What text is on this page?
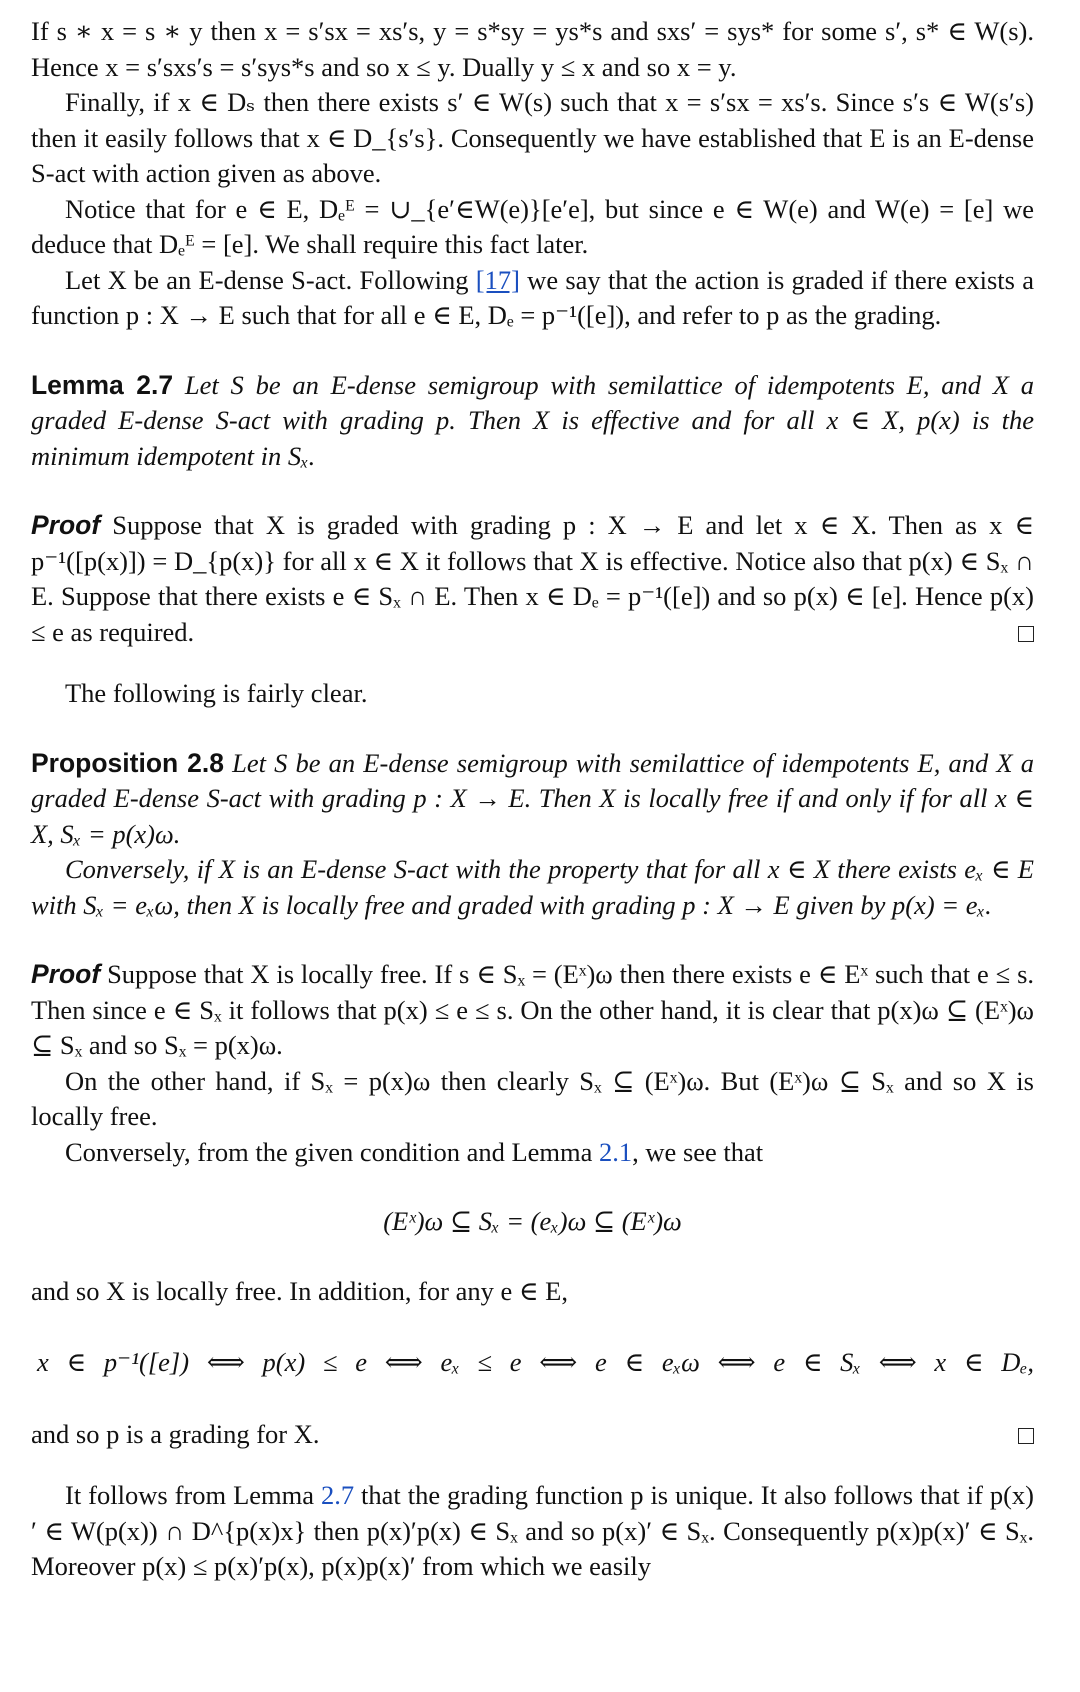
If s ∗ x = s ∗ y then x = s′sx = xs′s, y = s*sy = ys*s and sxs′ = sys* for some s′, s* ∈ W(s). Hence x = s′sxs′s = s′sys*s and so x ≤ y. Dually y ≤ x and so x = y.

Finally, if x ∈ Dₛ then there exists s′ ∈ W(s) such that x = s′sx = xs′s. Since s′s ∈ W(s′s) then it easily follows that x ∈ D_{s′s}. Consequently we have established that E is an E-dense S-act with action given as above.

Notice that for e ∈ E, Dₑᴱ = ∪_{e′∈W(e)}[e′e], but since e ∈ W(e) and W(e) = [e] we deduce that Dₑᴱ = [e]. We shall require this fact later.

Let X be an E-dense S-act. Following [17] we say that the action is graded if there exists a function p : X → E such that for all e ∈ E, Dₑ = p⁻¹([e]), and refer to p as the grading.

Lemma 2.7 Let S be an E-dense semigroup with semilattice of idempotents E, and X a graded E-dense S-act with grading p. Then X is effective and for all x ∈ X, p(x) is the minimum idempotent in Sₓ.

Proof Suppose that X is graded with grading p : X → E and let x ∈ X. Then as x ∈ p⁻¹([p(x)]) = D_{p(x)} for all x ∈ X it follows that X is effective. Notice also that p(x) ∈ Sₓ ∩ E. Suppose that there exists e ∈ Sₓ ∩ E. Then x ∈ Dₑ = p⁻¹([e]) and so p(x) ∈ [e]. Hence p(x) ≤ e as required.

The following is fairly clear.

Proposition 2.8 Let S be an E-dense semigroup with semilattice of idempotents E, and X a graded E-dense S-act with grading p : X → E. Then X is locally free if and only if for all x ∈ X, Sₓ = p(x)ω.

Conversely, if X is an E-dense S-act with the property that for all x ∈ X there exists eₓ ∈ E with Sₓ = eₓω, then X is locally free and graded with grading p : X → E given by p(x) = eₓ.

Proof Suppose that X is locally free. If s ∈ Sₓ = (Eˣ)ω then there exists e ∈ Eˣ such that e ≤ s. Then since e ∈ Sₓ it follows that p(x) ≤ e ≤ s. On the other hand, it is clear that p(x)ω ⊆ (Eˣ)ω ⊆ Sₓ and so Sₓ = p(x)ω.

On the other hand, if Sₓ = p(x)ω then clearly Sₓ ⊆ (Eˣ)ω. But (Eˣ)ω ⊆ Sₓ and so X is locally free.

Conversely, from the given condition and Lemma 2.1, we see that

(Eˣ)ω ⊆ Sₓ = (eₓ)ω ⊆ (Eˣ)ω

and so X is locally free. In addition, for any e ∈ E,

x ∈ p⁻¹([e]) ⟺ p(x) ≤ e ⟺ eₓ ≤ e ⟺ e ∈ eₓω ⟺ e ∈ Sₓ ⟺ x ∈ Dₑ,

and so p is a grading for X.

It follows from Lemma 2.7 that the grading function p is unique. It also follows that if p(x)′ ∈ W(p(x)) ∩ D^{p(x)x} then p(x)′p(x) ∈ Sₓ and so p(x)′ ∈ Sₓ. Consequently p(x)p(x)′ ∈ Sₓ. Moreover p(x) ≤ p(x)′p(x), p(x)p(x)′ from which we easily
